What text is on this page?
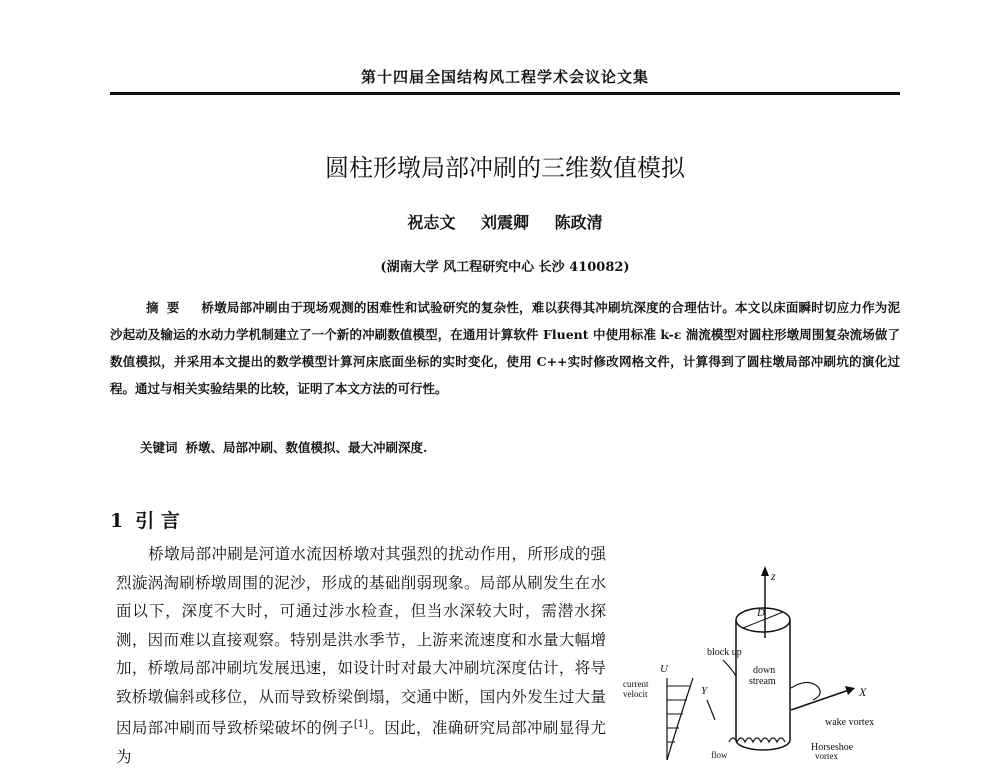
第十四届全国结构风工程学术会议论文集
圆柱形墩局部冲刷的三维数值模拟
祝志文 刘震卿 陈政清
(湖南大学 风工程研究中心 长沙 410082)
摘要 桥墩局部冲刷由于现场观测的困难性和试验研究的复杂性，难以获得其冲刷坑深度的合理估计。本文以床面瞬时切应力作为泥沙起动及输运的水动力学机制建立了一个新的冲刷数值模型，在通用计算软件 Fluent 中使用标准 k-ε 湍流模型对圆柱形墩周围复杂流场做了数值模拟，并采用本文提出的数学模型计算河床底面坐标的实时变化，使用 C++实时修改网格文件，计算得到了圆柱墩局部冲刷坑的演化过程。通过与相关实验结果的比较，证明了本文方法的可行性。
关键词 桥墩、局部冲刷、数值模拟、最大冲刷深度.
1 引 言
桥墩局部冲刷是河道水流因桥墩对其强烈的扰动作用，所形成的强烈漩涡淘刷桥墩周围的泥沙，形成的基础削弱现象。局部从刷发生在水面以下，深度不大时，可通过涉水检查，但当水深较大时，需潜水探测，因而难以直接观察。特别是洪水季节，上游来流速度和水量大幅增加，桥墩局部冲刷坑发展迅速，如设计时对最大冲刷坑深度估计，将导致桥墩偏斜或移位，从而导致桥梁倒塌，交通中断，国内外发生过大量因局部冲刷而导致桥梁破坏的例子[1]。因此，准确研究局部冲刷显得尤为
z
D
block up
down
stream
U
current
velocit	Y	X
wake vortex
Horseshoe
vortex
flow
